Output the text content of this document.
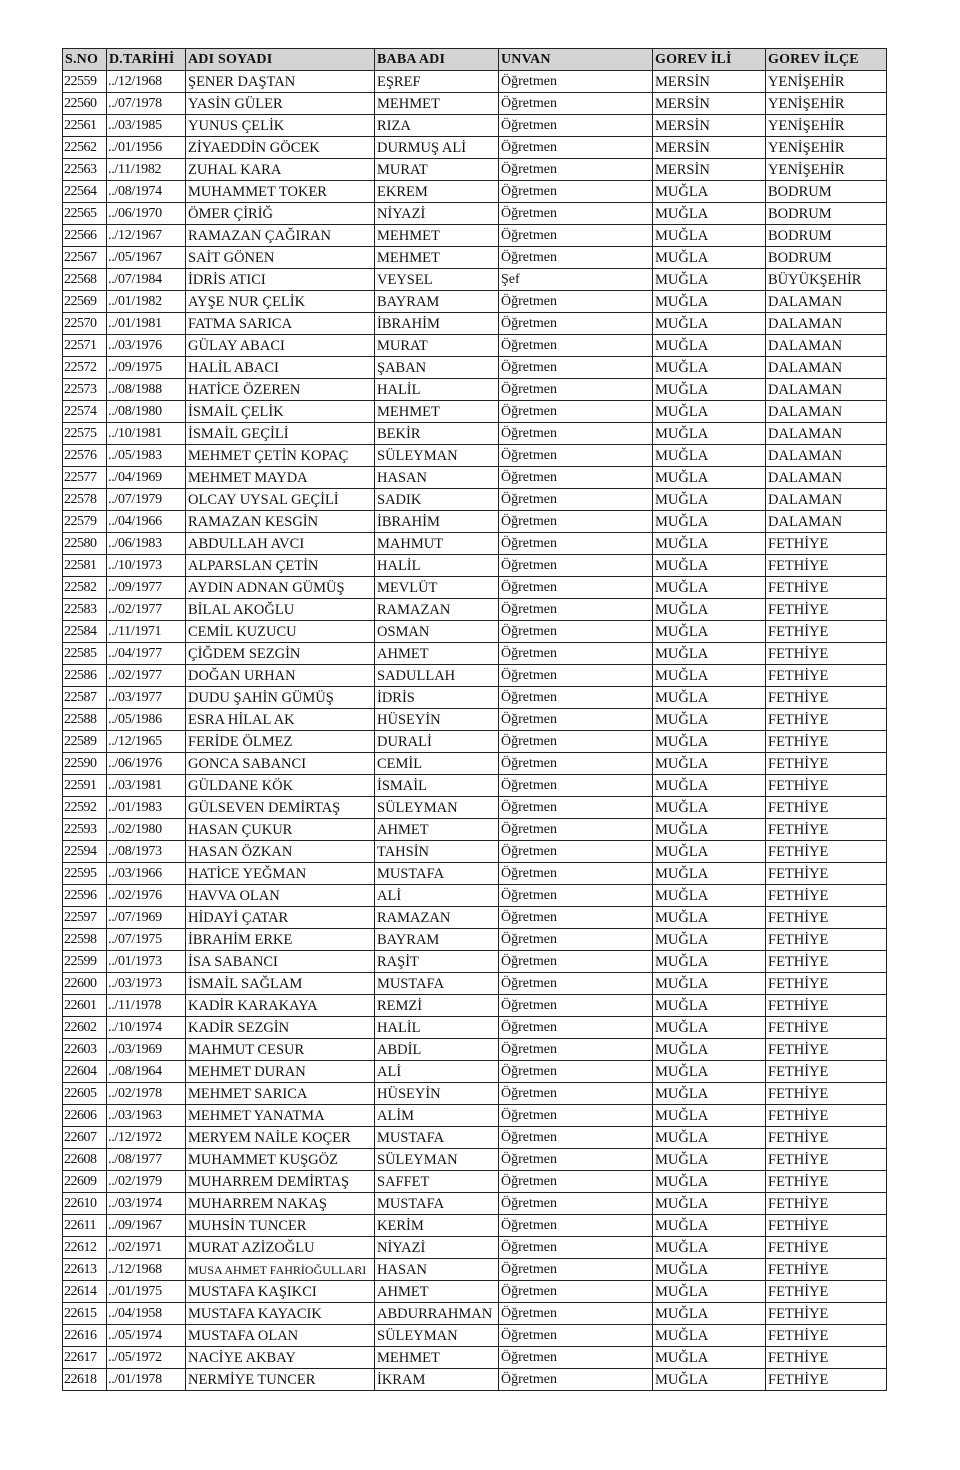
S.NO	D.TARİHİ	ADI SOYADI	BABA ADI	UNVAN	GOREV İLİ	GOREV İLÇE
22559	../12/1968	ŞENER DAŞTAN	EŞREF	Öğretmen	MERSİN	YENİŞEHİR
22560	../07/1978	YASİN GÜLER	MEHMET	Öğretmen	MERSİN	YENİŞEHİR
22561	../03/1985	YUNUS ÇELİK	RIZA	Öğretmen	MERSİN	YENİŞEHİR
22562	../01/1956	ZİYAEDDİN GÖCEK	DURMUŞ ALİ	Öğretmen	MERSİN	YENİŞEHİR
22563	../11/1982	ZUHAL KARA	MURAT	Öğretmen	MERSİN	YENİŞEHİR
22564	../08/1974	MUHAMMET TOKER	EKREM	Öğretmen	MUĞLA	BODRUM
22565	../06/1970	ÖMER ÇİRİĞ	NİYAZİ	Öğretmen	MUĞLA	BODRUM
22566	../12/1967	RAMAZAN ÇAĞIRAN	MEHMET	Öğretmen	MUĞLA	BODRUM
22567	../05/1967	SAİT GÖNEN	MEHMET	Öğretmen	MUĞLA	BODRUM
22568	../07/1984	İDRİS ATICI	VEYSEL	Şef	MUĞLA	BÜYÜKŞEHİR
22569	../01/1982	AYŞE NUR ÇELİK	BAYRAM	Öğretmen	MUĞLA	DALAMAN
22570	../01/1981	FATMA SARICA	İBRAHİM	Öğretmen	MUĞLA	DALAMAN
22571	../03/1976	GÜLAY ABACI	MURAT	Öğretmen	MUĞLA	DALAMAN
22572	../09/1975	HALİL ABACI	ŞABAN	Öğretmen	MUĞLA	DALAMAN
22573	../08/1988	HATİCE ÖZEREN	HALİL	Öğretmen	MUĞLA	DALAMAN
22574	../08/1980	İSMAİL ÇELİK	MEHMET	Öğretmen	MUĞLA	DALAMAN
22575	../10/1981	İSMAİL GEÇİLİ	BEKİR	Öğretmen	MUĞLA	DALAMAN
22576	../05/1983	MEHMET ÇETİN KOPAÇ	SÜLEYMAN	Öğretmen	MUĞLA	DALAMAN
22577	../04/1969	MEHMET MAYDA	HASAN	Öğretmen	MUĞLA	DALAMAN
22578	../07/1979	OLCAY UYSAL GEÇİLİ	SADIK	Öğretmen	MUĞLA	DALAMAN
22579	../04/1966	RAMAZAN KESGİN	İBRAHİM	Öğretmen	MUĞLA	DALAMAN
22580	../06/1983	ABDULLAH AVCI	MAHMUT	Öğretmen	MUĞLA	FETHİYE
22581	../10/1973	ALPARSLAN ÇETİN	HALİL	Öğretmen	MUĞLA	FETHİYE
22582	../09/1977	AYDIN ADNAN GÜMÜŞ	MEVLÜT	Öğretmen	MUĞLA	FETHİYE
22583	../02/1977	BİLAL AKOĞLU	RAMAZAN	Öğretmen	MUĞLA	FETHİYE
22584	../11/1971	CEMİL KUZUCU	OSMAN	Öğretmen	MUĞLA	FETHİYE
22585	../04/1977	ÇİĞDEM SEZGİN	AHMET	Öğretmen	MUĞLA	FETHİYE
22586	../02/1977	DOĞAN URHAN	SADULLAH	Öğretmen	MUĞLA	FETHİYE
22587	../03/1977	DUDU ŞAHİN GÜMÜŞ	İDRİS	Öğretmen	MUĞLA	FETHİYE
22588	../05/1986	ESRA HİLAL AK	HÜSEYİN	Öğretmen	MUĞLA	FETHİYE
22589	../12/1965	FERİDE ÖLMEZ	DURALİ	Öğretmen	MUĞLA	FETHİYE
22590	../06/1976	GONCA SABANCI	CEMİL	Öğretmen	MUĞLA	FETHİYE
22591	../03/1981	GÜLDANE KÖK	İSMAİL	Öğretmen	MUĞLA	FETHİYE
22592	../01/1983	GÜLSEVEN DEMİRTAŞ	SÜLEYMAN	Öğretmen	MUĞLA	FETHİYE
22593	../02/1980	HASAN ÇUKUR	AHMET	Öğretmen	MUĞLA	FETHİYE
22594	../08/1973	HASAN ÖZKAN	TAHSİN	Öğretmen	MUĞLA	FETHİYE
22595	../03/1966	HATİCE YEĞMAN	MUSTAFA	Öğretmen	MUĞLA	FETHİYE
22596	../02/1976	HAVVA OLAN	ALİ	Öğretmen	MUĞLA	FETHİYE
22597	../07/1969	HİDAYİ ÇATAR	RAMAZAN	Öğretmen	MUĞLA	FETHİYE
22598	../07/1975	İBRAHİM ERKE	BAYRAM	Öğretmen	MUĞLA	FETHİYE
22599	../01/1973	İSA SABANCI	RAŞİT	Öğretmen	MUĞLA	FETHİYE
22600	../03/1973	İSMAİL SAĞLAM	MUSTAFA	Öğretmen	MUĞLA	FETHİYE
22601	../11/1978	KADİR KARAKAYA	REMZİ	Öğretmen	MUĞLA	FETHİYE
22602	../10/1974	KADİR SEZGİN	HALİL	Öğretmen	MUĞLA	FETHİYE
22603	../03/1969	MAHMUT CESUR	ABDİL	Öğretmen	MUĞLA	FETHİYE
22604	../08/1964	MEHMET DURAN	ALİ	Öğretmen	MUĞLA	FETHİYE
22605	../02/1978	MEHMET SARICA	HÜSEYİN	Öğretmen	MUĞLA	FETHİYE
22606	../03/1963	MEHMET YANATMA	ALİM	Öğretmen	MUĞLA	FETHİYE
22607	../12/1972	MERYEM NAİLE KOÇER	MUSTAFA	Öğretmen	MUĞLA	FETHİYE
22608	../08/1977	MUHAMMET KUŞGÖZ	SÜLEYMAN	Öğretmen	MUĞLA	FETHİYE
22609	../02/1979	MUHARREM DEMİRTAŞ	SAFFET	Öğretmen	MUĞLA	FETHİYE
22610	../03/1974	MUHARREM NAKAŞ	MUSTAFA	Öğretmen	MUĞLA	FETHİYE
22611	../09/1967	MUHSİN TUNCER	KERİM	Öğretmen	MUĞLA	FETHİYE
22612	../02/1971	MURAT AZİZOĞLU	NİYAZİ	Öğretmen	MUĞLA	FETHİYE
22613	../12/1968	MUSA AHMET FAHRİOĞULLARI	HASAN	Öğretmen	MUĞLA	FETHİYE
22614	../01/1975	MUSTAFA KAŞIKCI	AHMET	Öğretmen	MUĞLA	FETHİYE
22615	../04/1958	MUSTAFA KAYACIK	ABDURRAHMAN	Öğretmen	MUĞLA	FETHİYE
22616	../05/1974	MUSTAFA OLAN	SÜLEYMAN	Öğretmen	MUĞLA	FETHİYE
22617	../05/1972	NACİYE AKBAY	MEHMET	Öğretmen	MUĞLA	FETHİYE
22618	../01/1978	NERMİYE TUNCER	İKRAM	Öğretmen	MUĞLA	FETHİYE
